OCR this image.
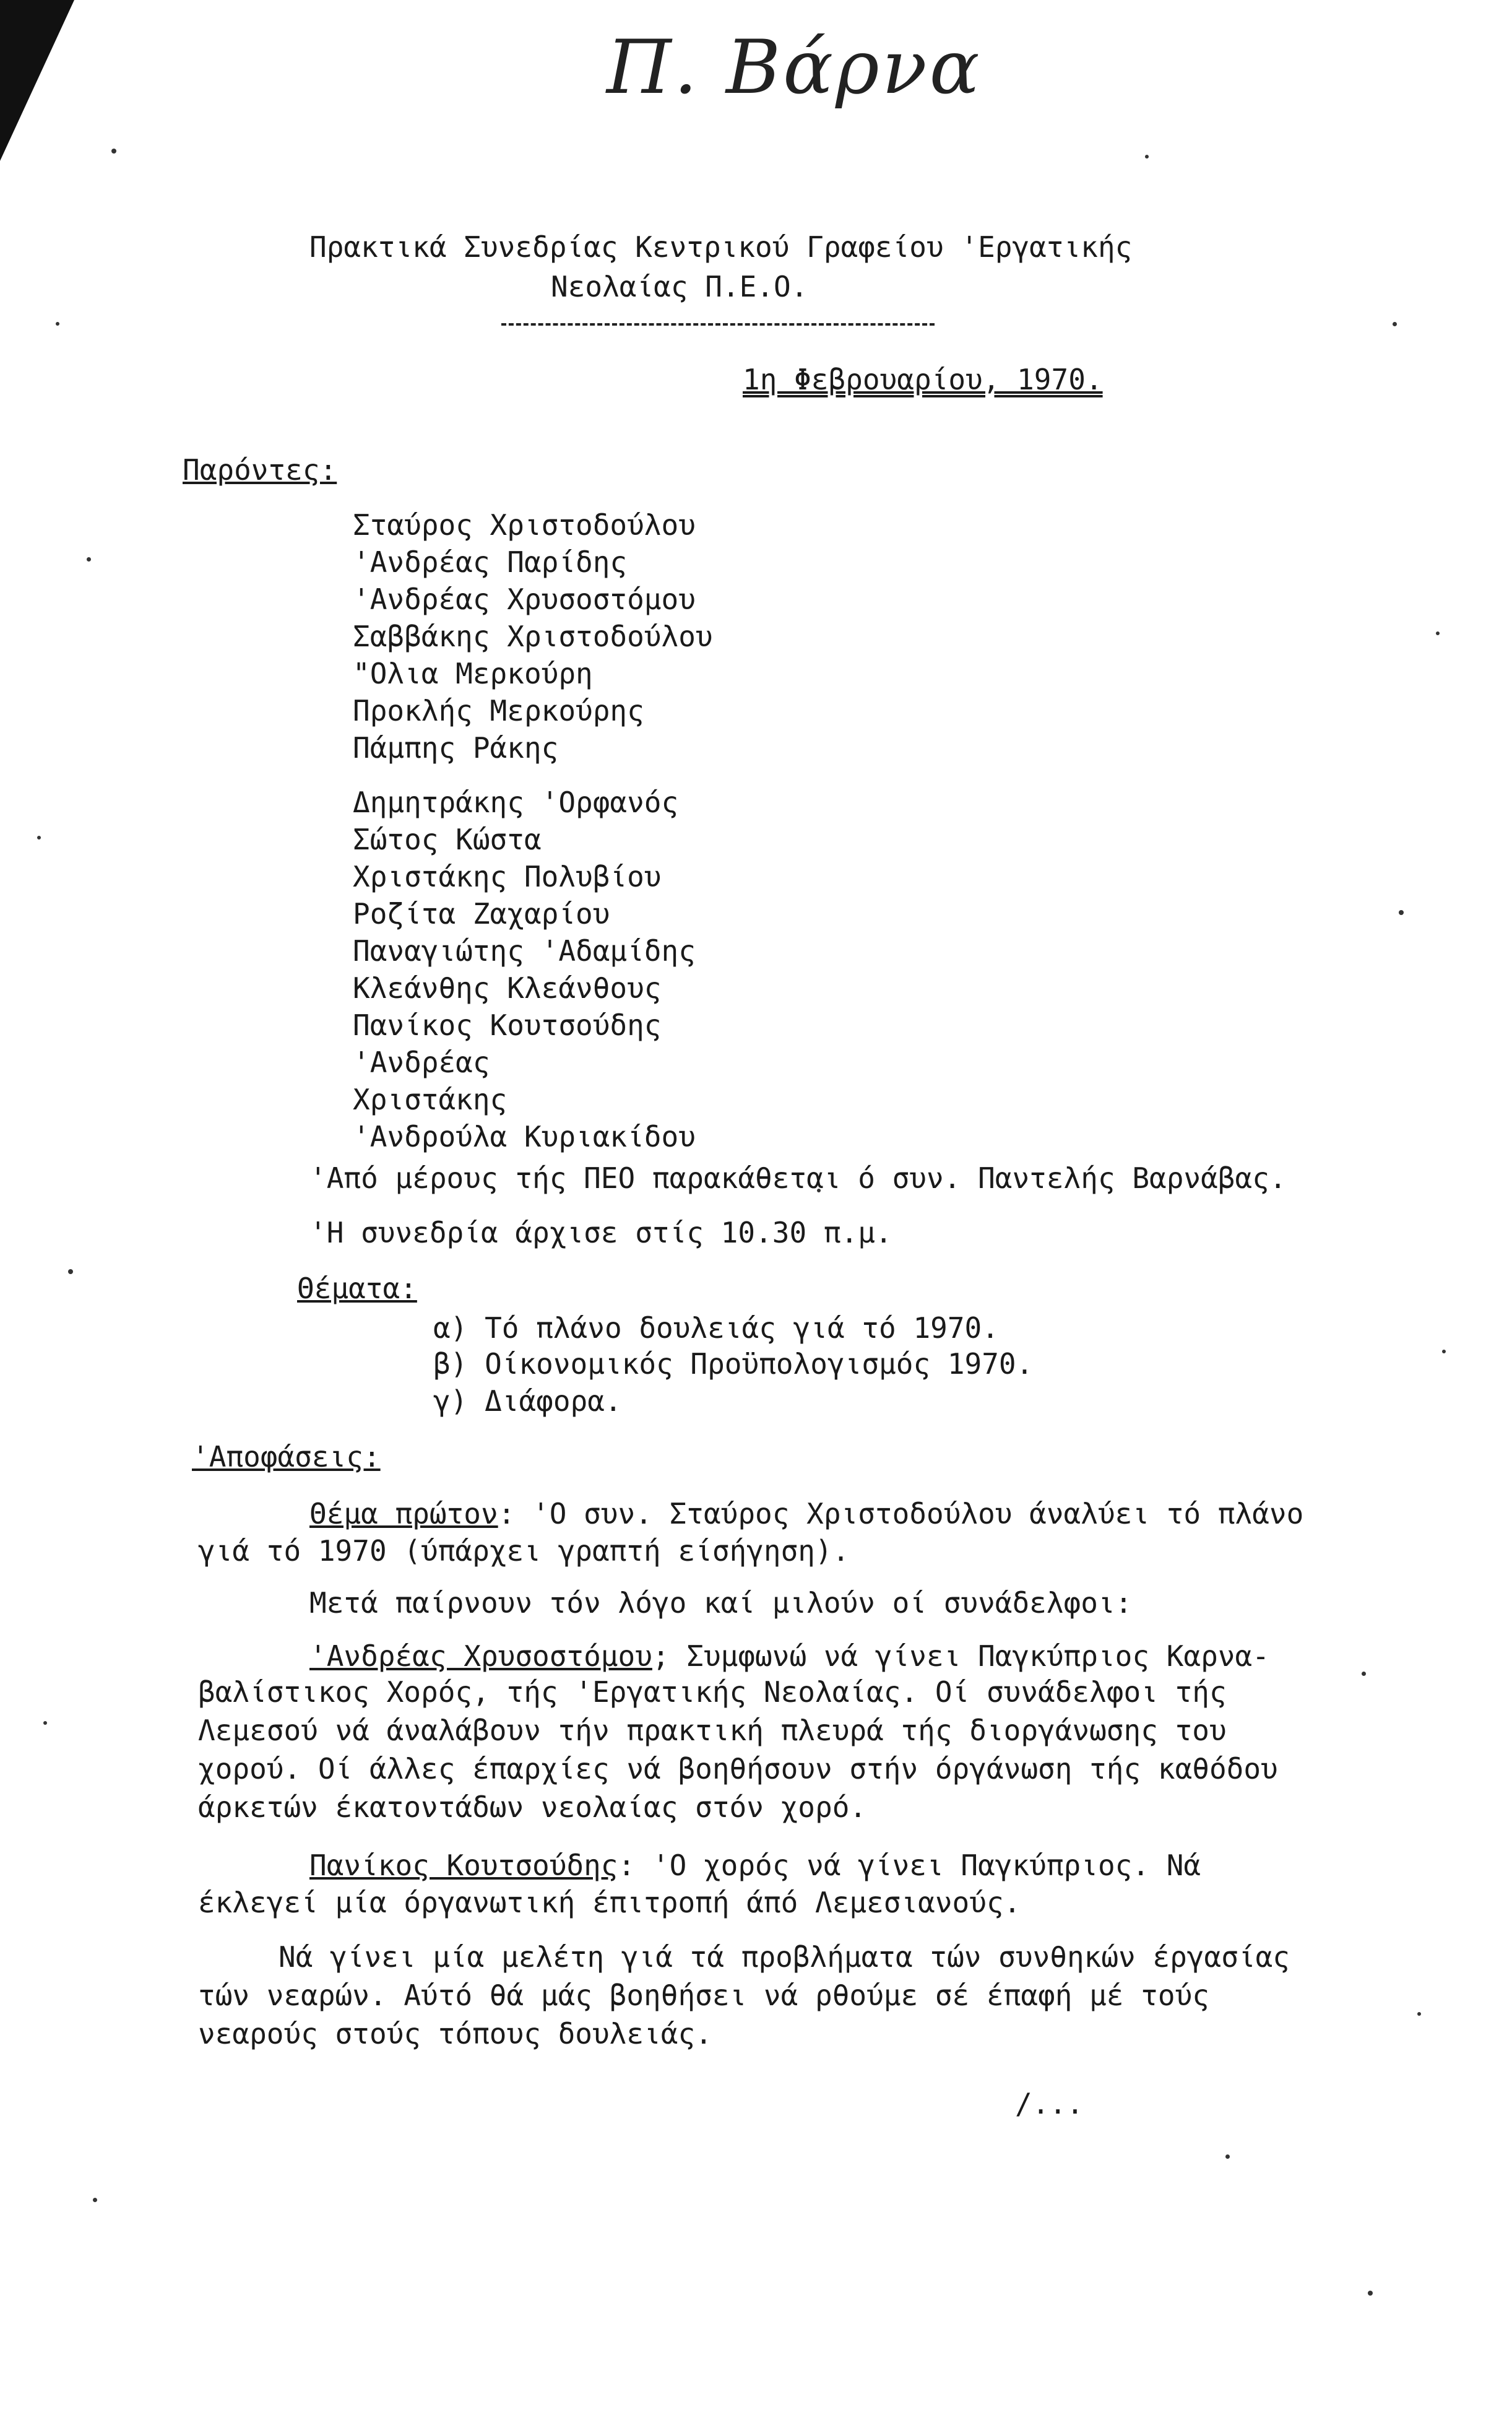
Π. Βάρνα
Πρακτικά Συνεδρίας Κεντρικού Γραφείου 'Εργατικής
Νεολαίας Π.Ε.Ο.
1η Φεβρουαρίου, 1970.
Παρόντες:
Σταύρος Χριστοδούλου
'Ανδρέας Παρίδης
'Ανδρέας Χρυσοστόμου
Σαββάκης Χριστοδούλου
"Ολια Μερκούρη
Προκλής Μερκούρης
Πάμπης Ράκης
Δημητράκης 'Ορφανός
Σώτος Κώστα
Χριστάκης Πολυβίου
Ροζίτα Ζαχαρίου
Παναγιώτης 'Αδαμίδης
Κλεάνθης Κλεάνθους
Πανίκος Κουτσούδης
'Ανδρέας
Χριστάκης
'Ανδρούλα Κυριακίδου
'Από μέρους τής ΠΕΟ παρακάθεται ό συν. Παντελής Βαρνάβας.
'Η συνεδρία άρχισε στίς 10.30 π.μ.
Θέματα:
α) Τό πλάνο δουλειάς γιά τό 1970.
β) Οίκονομικός Προϋπολογισμός 1970.
γ) Διάφορα.
'Αποφάσεις:
Θέμα πρώτον: 'Ο συν. Σταύρος Χριστοδούλου άναλύει τό πλάνο
γιά τό 1970 (ύπάρχει γραπτή είσήγηση).
Μετά παίρνουν τόν λόγο καί μιλούν οί συνάδελφοι:
'Ανδρέας Χρυσοστόμου; Συμφωνώ νά γίνει Παγκύπριος Καρνα-
βαλίστικος Χορός, τής 'Εργατικής Νεολαίας. Οί συνάδελφοι τής
Λεμεσού νά άναλάβουν τήν πρακτική πλευρά τής διοργάνωσης του
χορού. Οί άλλες έπαρχίες νά βοηθήσουν στήν όργάνωση τής καθόδου
άρκετών έκατοντάδων νεολαίας στόν χορό.
Πανίκος Κουτσούδης: 'Ο χορός νά γίνει Παγκύπριος. Νά
έκλεγεί μία όργανωτική έπιτροπή άπό Λεμεσιανούς.
Νά γίνει μία μελέτη γιά τά προβλήματα τών συνθηκών έργασίας
τών νεαρών. Αύτό θά μάς βοηθήσει νά ρθούμε σέ έπαφή μέ τούς
νεαρούς στούς τόπους δουλειάς.
/...
